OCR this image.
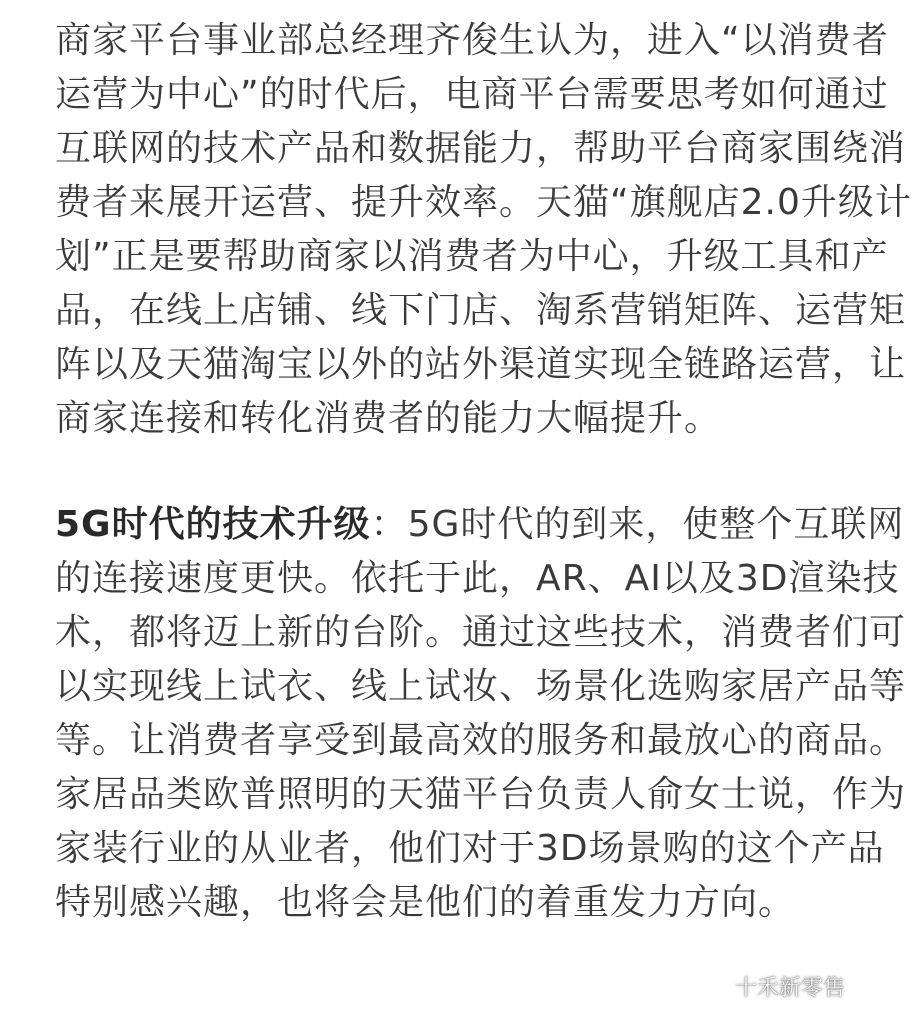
商家平台事业部总经理齐俊生认为，进入“以消费者
运营为中心”的时代后，电商平台需要思考如何通过
互联网的技术产品和数据能力，帮助平台商家围绕消
费者来展开运营、提升效率。天猫“旗舰店2.0升级计
划”正是要帮助商家以消费者为中心，升级工具和产
品，在线上店铺、线下门店、淘系营销矩阵、运营矩
阵以及天猫淘宝以外的站外渠道实现全链路运营，让
商家连接和转化消费者的能力大幅提升。
5G时代的技术升级：5G时代的到来，使整个互联网
的连接速度更快。依托于此，AR、AI以及3D渲染技
术，都将迈上新的台阶。通过这些技术，消费者们可
以实现线上试衣、线上试妆、场景化选购家居产品等
等。让消费者享受到最高效的服务和最放心的商品。
家居品类欧普照明的天猫平台负责人俞女士说，作为
家装行业的从业者，他们对于3D场景购的这个产品
特别感兴趣，也将会是他们的着重发力方向。
十禾新零售
